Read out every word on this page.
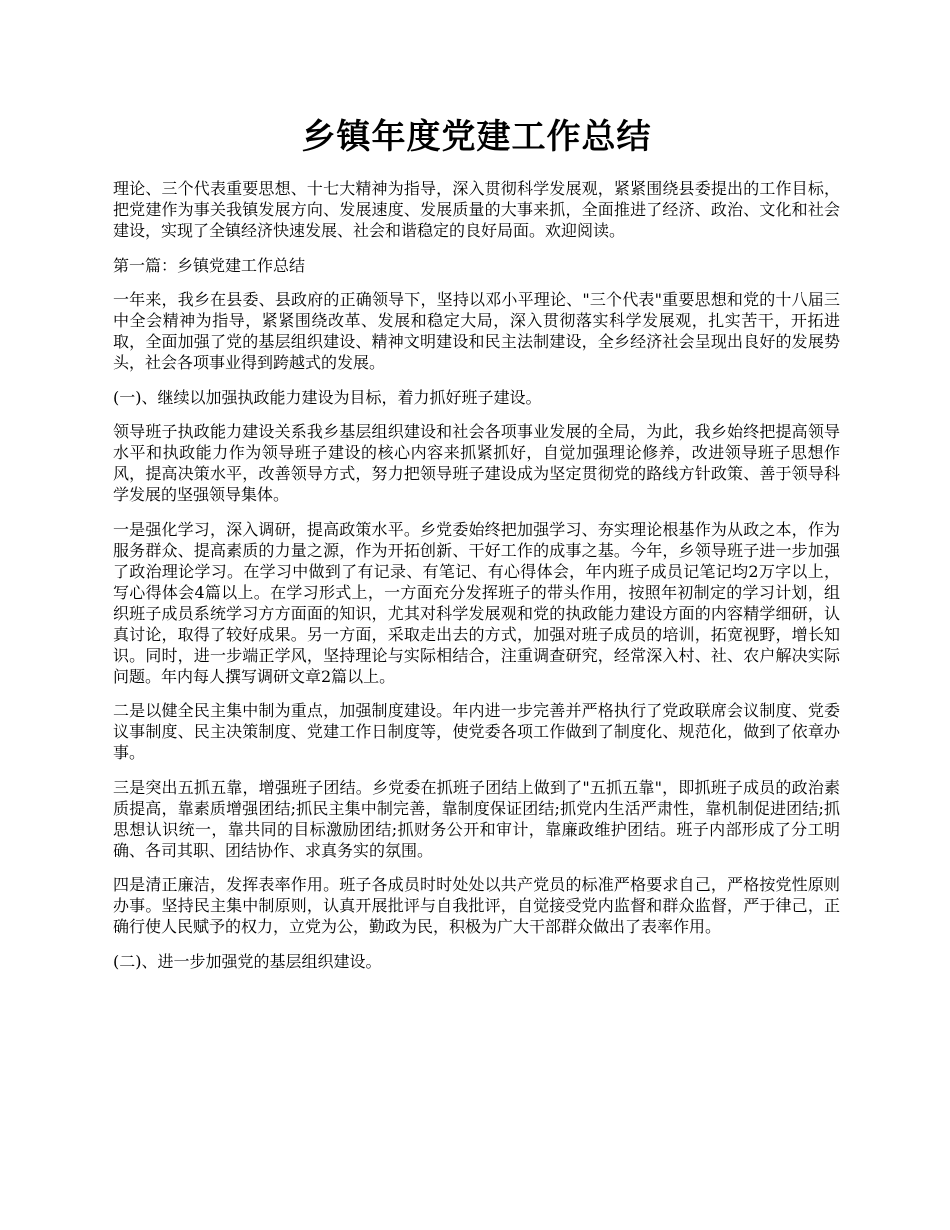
乡镇年度党建工作总结

理论、三个代表重要思想、十七大精神为指导，深入贯彻科学发展观，紧紧围绕县委提出的工作目标，把党建作为事关我镇发展方向、发展速度、发展质量的大事来抓，全面推进了经济、政治、文化和社会建设，实现了全镇经济快速发展、社会和谐稳定的良好局面。欢迎阅读。

第一篇：乡镇党建工作总结

一年来，我乡在县委、县政府的正确领导下，坚持以邓小平理论、"三个代表"重要思想和党的十八届三中全会精神为指导，紧紧围绕改革、发展和稳定大局，深入贯彻落实科学发展观，扎实苦干，开拓进取，全面加强了党的基层组织建设、精神文明建设和民主法制建设，全乡经济社会呈现出良好的发展势头，社会各项事业得到跨越式的发展。

(一)、继续以加强执政能力建设为目标，着力抓好班子建设。

领导班子执政能力建设关系我乡基层组织建设和社会各项事业发展的全局，为此，我乡始终把提高领导水平和执政能力作为领导班子建设的核心内容来抓紧抓好，自觉加强理论修养，改进领导班子思想作风，提高决策水平，改善领导方式，努力把领导班子建设成为坚定贯彻党的路线方针政策、善于领导科学发展的坚强领导集体。

一是强化学习，深入调研，提高政策水平。乡党委始终把加强学习、夯实理论根基作为从政之本，作为服务群众、提高素质的力量之源，作为开拓创新、干好工作的成事之基。今年，乡领导班子进一步加强了政治理论学习。在学习中做到了有记录、有笔记、有心得体会，年内班子成员记笔记均2万字以上，写心得体会4篇以上。在学习形式上，一方面充分发挥班子的带头作用，按照年初制定的学习计划，组织班子成员系统学习方方面面的知识，尤其对科学发展观和党的执政能力建设方面的内容精学细研，认真讨论，取得了较好成果。另一方面，采取走出去的方式，加强对班子成员的培训，拓宽视野，增长知识。同时，进一步端正学风，坚持理论与实际相结合，注重调查研究，经常深入村、社、农户解决实际问题。年内每人撰写调研文章2篇以上。

二是以健全民主集中制为重点，加强制度建设。年内进一步完善并严格执行了党政联席会议制度、党委议事制度、民主决策制度、党建工作日制度等，使党委各项工作做到了制度化、规范化，做到了依章办事。

三是突出五抓五靠，增强班子团结。乡党委在抓班子团结上做到了"五抓五靠"，即抓班子成员的政治素质提高，靠素质增强团结;抓民主集中制完善，靠制度保证团结;抓党内生活严肃性，靠机制促进团结;抓思想认识统一，靠共同的目标激励团结;抓财务公开和审计，靠廉政维护团结。班子内部形成了分工明确、各司其职、团结协作、求真务实的氛围。

四是清正廉洁，发挥表率作用。班子各成员时时处处以共产党员的标准严格要求自己，严格按党性原则办事。坚持民主集中制原则，认真开展批评与自我批评，自觉接受党内监督和群众监督，严于律己，正确行使人民赋予的权力，立党为公，勤政为民，积极为广大干部群众做出了表率作用。

(二)、进一步加强党的基层组织建设。
